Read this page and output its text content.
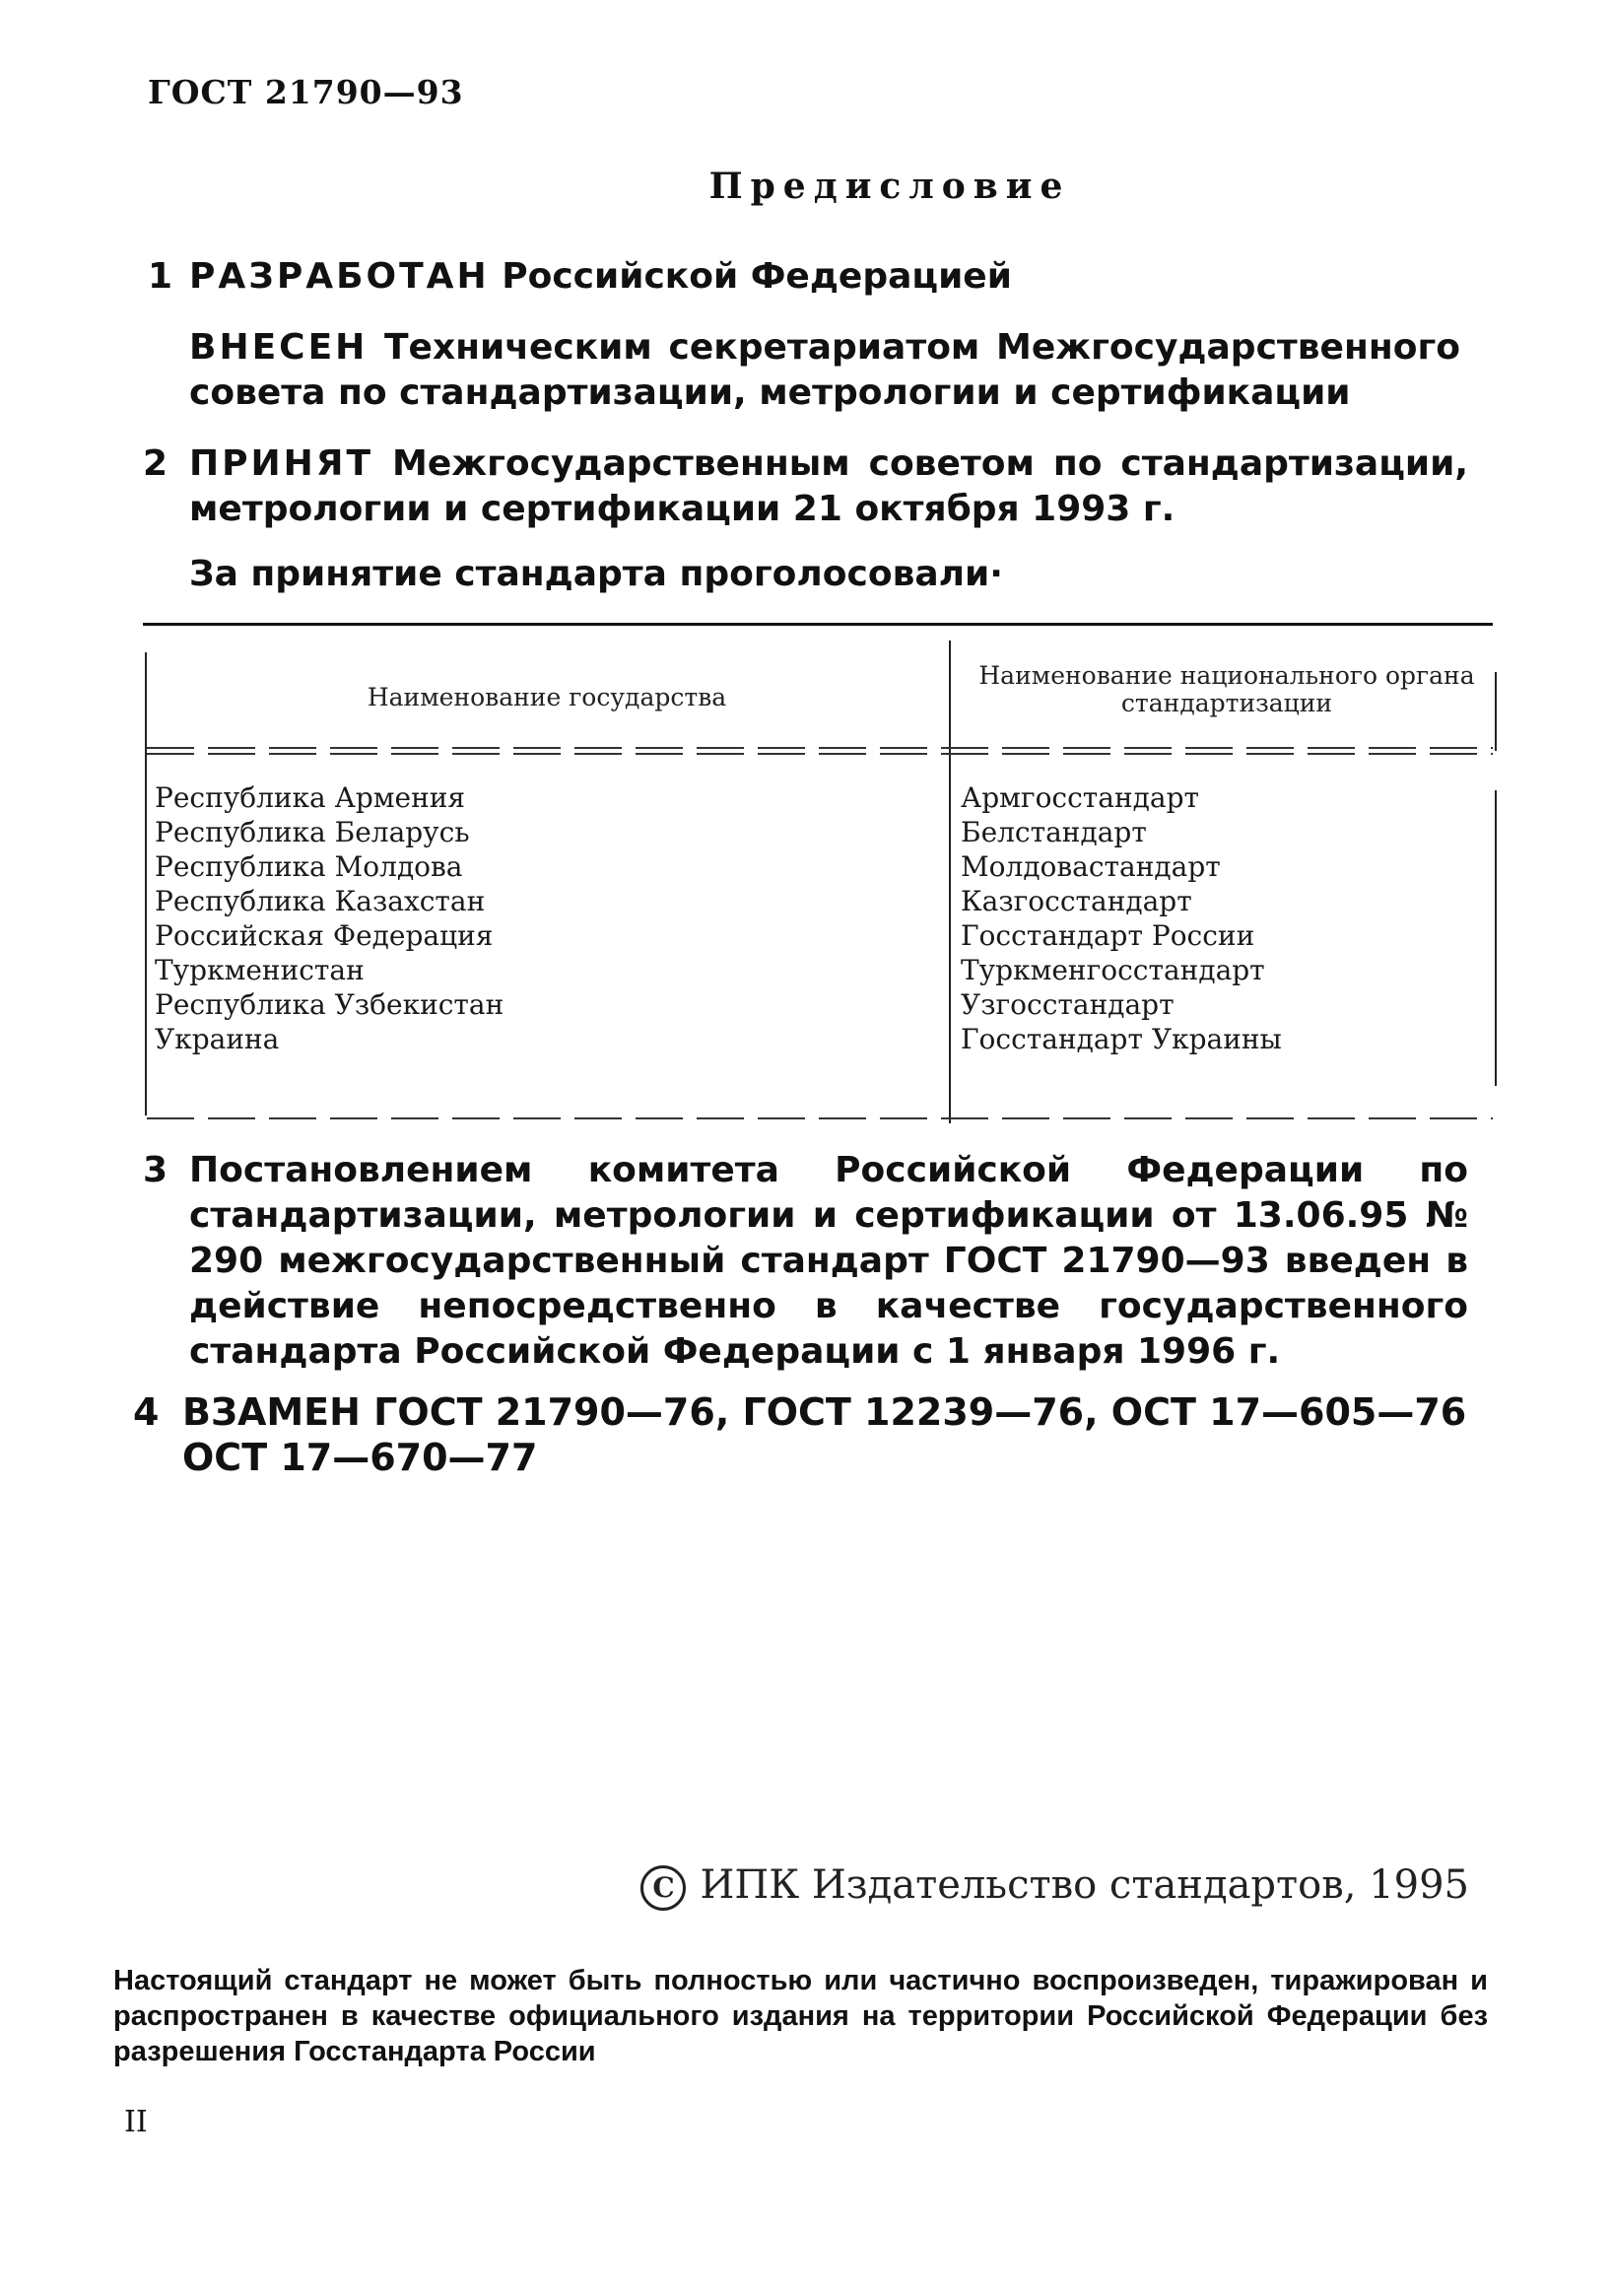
ГОСТ 21790—93
Предисловие
1 РАЗРАБОТАН Российской Федерацией
ВНЕСЕН Техническим секретариатом Межгосударственного совета по стандартизации, метрологии и сертификации
2 ПРИНЯТ Межгосударственным советом по стандартизации, метрологии и сертификации 21 октября 1993 г.
За принятие стандарта проголосовали·
Наименование государства
Наименование национального органа стандартизации
Республика Армения
Республика Беларусь
Республика Молдова
Республика Казахстан
Российская Федерация
Туркменистан
Республика Узбекистан
Украина
Армгосстандарт
Белстандарт
Молдовастандарт
Казгосстандарт
Госстандарт России
Туркменгосстандарт
Узгосстандарт
Госстандарт Украины
3 Постановлением комитета Российской Федерации по стандартизации, метрологии и сертификации от 13.06.95 № 290 межгосударственный стандарт ГОСТ 21790—93 введен в действие непосредственно в качестве государственного стандарта Российской Федерации с 1 января 1996 г.
4 ВЗАМЕН ГОСТ 21790—76, ГОСТ 12239—76, ОСТ 17—605—76 ОСТ 17—670—77
C ИПК Издательство стандартов, 1995
Настоящий стандарт не может быть полностью или частично воспроизведен, тиражирован и распространен в качестве официального издания на территории Российской Федерации без разрешения Госстандарта России
II
